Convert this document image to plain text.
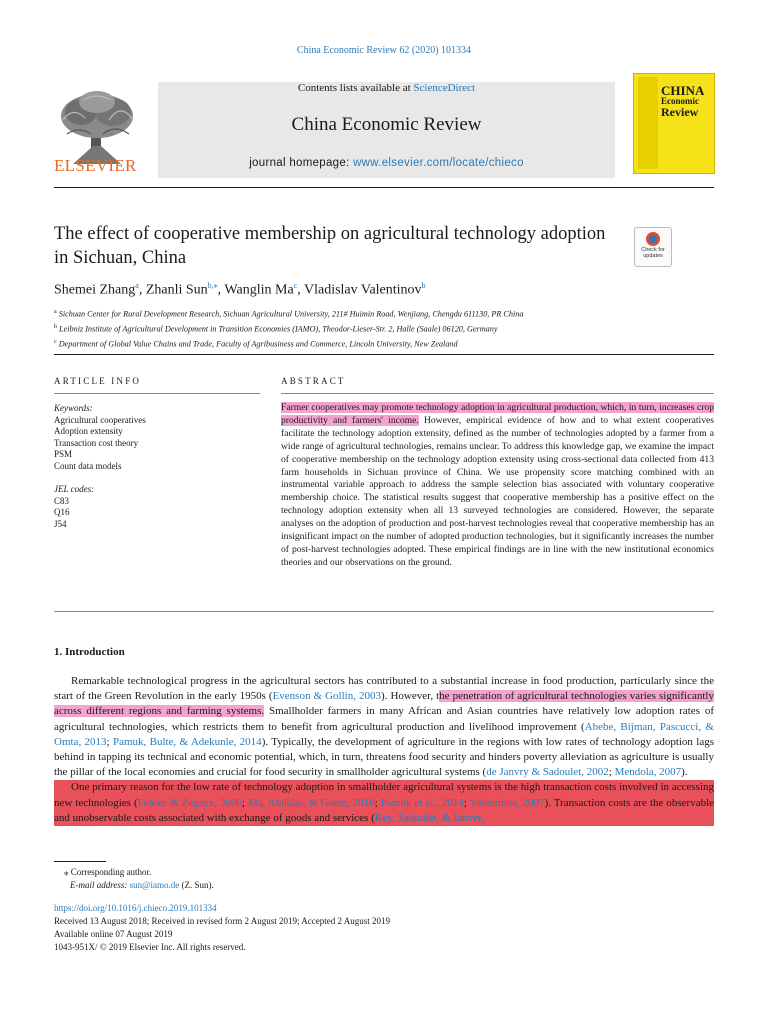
China Economic Review 62 (2020) 101334
Contents lists available at ScienceDirect
China Economic Review
journal homepage: www.elsevier.com/locate/chieco
ELSEVIER
CHINA
Economic
Review
The effect of cooperative membership on agricultural technology adoption in Sichuan, China	Check for
updates
Shemei Zhang$^a$, Zhanli Sun$^{b,⁎}$, Wanglin Ma$^c$, Vladislav Valentinov$^b$
$^a$ Sichuan Center for Rural Development Research, Sichuan Agricultural University, 211# Huimin Road, Wenjiang, Chengdu 611130, PR China
$^b$ Leibniz Institute of Agricultural Development in Transition Economies (IAMO), Theodor-Lieser-Str. 2, Halle (Saale) 06120, Germany
$^c$ Department of Global Value Chains and Trade, Faculty of Agribusiness and Commerce, Lincoln University, New Zealand
ARTICLE INFO
Keywords:
Agricultural cooperatives
Adoption extensity
Transaction cost theory
PSM
Count data models
JEL codes:
C83
Q16
J54
ABSTRACT
Farmer cooperatives may promote technology adoption in agricultural production, which, in turn, increases crop productivity and farmers' income. However, empirical evidence of how and to what extent cooperatives facilitate the technology adoption extensity, defined as the number of technologies adopted by a farmer from a wide range of agricultural technologies, remains unclear. To address this knowledge gap, we examine the impact of cooperative membership on the technology adoption extensity using cross-sectional data collected from 413 farm households in Sichuan province of China. We use propensity score matching combined with an instrumental variable approach to address the sample selection bias associated with voluntary cooperative membership choice. The statistical results suggest that cooperative membership has a positive effect on the technology adoption extensity when all 13 surveyed technologies are considered. However, the separate analyses on the adoption of production and post-harvest technologies reveal that cooperative membership has an insignificant impact on the number of adopted production technologies, but it significantly increases the number of post-harvest technologies adopted. These empirical findings are in line with the new institutional economics theories and our observations on the ground.
1. Introduction

Remarkable technological progress in the agricultural sectors has contributed to a substantial increase in food production, particularly since the start of the Green Revolution in the early 1950s (Evenson & Gollin, 2003). However, the penetration of agricultural technologies varies significantly across different regions and farming systems. Smallholder farmers in many African and Asian countries have relatively low adoption rates of agricultural technologies, which restricts them to benefit from agricultural production and livelihood improvement (Abebe, Bijman, Pascucci, & Omta, 2013; Pamuk, Bulte, & Adekunle, 2014). Typically, the development of agriculture in the regions with low rates of technology adoption lags behind in tapping its technical and economic potential, which, in turn, threatens food security and hinders poverty alleviation as agriculture is usually the pillar of the local economies and crucial for food security in smallholder agricultural systems (de Janvry & Sadoulet, 2002; Mendola, 2007).

One primary reason for the low rate of technology adoption in smallholder agricultural systems is the high transaction costs involved in accessing new technologies (Feleke & Zegeye, 2006; Ma, Abdulai, & Goetz, 2018; Pamuk et al., 2014; Valentinov, 2007). Transaction costs are the observable and unobservable costs associated with exchange of goods and services (Key, Sadoulet, & Janvry,

⁎ Corresponding author.
E-mail address: sun@iamo.de (Z. Sun).
https://doi.org/10.1016/j.chieco.2019.101334
Received 13 August 2018; Received in revised form 2 August 2019; Accepted 2 August 2019
Available online 07 August 2019
1043-951X/ © 2019 Elsevier Inc. All rights reserved.
